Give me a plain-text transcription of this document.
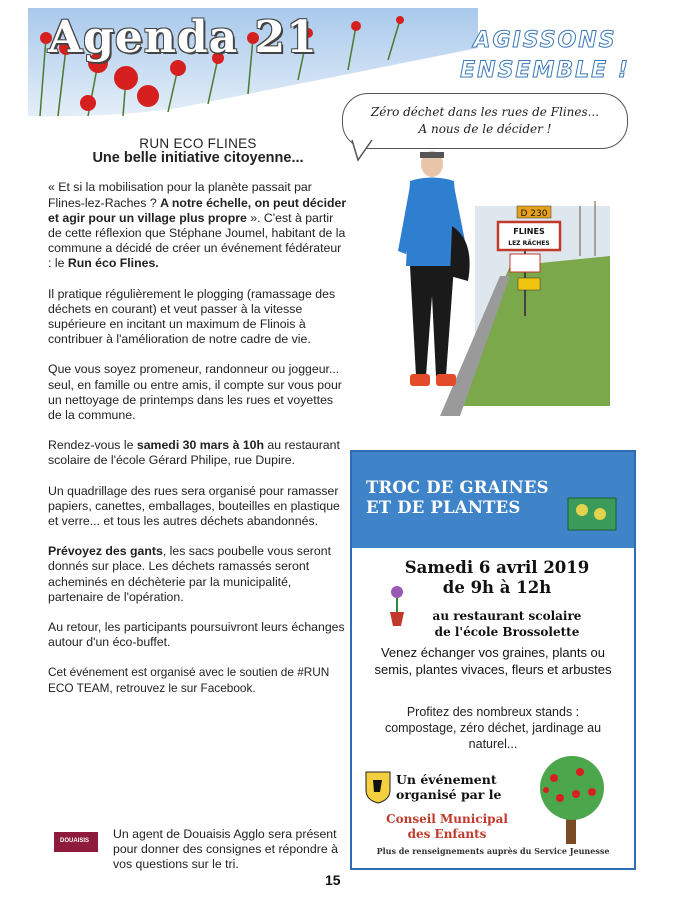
Agenda 21	AGISSONS
ENSEMBLE !
Zéro déchet dans les rues de Flines...
A nous de le décider !
RUN ECO FLINES
Une belle initiative citoyenne...

« Et si la mobilisation pour la planète passait par Flines-lez-Raches ? A notre échelle, on peut décider et agir pour un village plus propre ». C'est à partir de cette réflexion que Stéphane Joumel, habitant de la commune a décidé de créer un événement fédérateur : le Run éco Flines.

Il pratique régulièrement le plogging (ramassage des déchets en courant) et veut passer à la vitesse supérieure en incitant un maximum de Flinois à contribuer à l'amélioration de notre cadre de vie.

Que vous soyez promeneur, randonneur ou joggeur... seul, en famille ou entre amis, il compte sur vous pour un nettoyage de printemps dans les rues et voyettes de la commune.

Rendez-vous le samedi 30 mars à 10h au restaurant scolaire de l'école Gérard Philipe, rue Dupire.

Un quadrillage des rues sera organisé pour ramasser papiers, canettes, emballages, bouteilles en plastique et verre... et tous les autres déchets abandonnés.

Prévoyez des gants, les sacs poubelle vous seront donnés sur place. Les déchets ramassés seront acheminés en déchèterie par la municipalité, partenaire de l'opération.

Au retour, les participants poursuivront leurs échanges autour d'un éco-buffet.

Cet événement est organisé avec le soutien de #RUN ECO TEAM, retrouvez le sur Facebook.

D 230
FLINES
LEZ RÂCHES
TROC DE GRAINES
ET DE PLANTES
Samedi 6 avril 2019
de 9h à 12h
au restaurant scolaire
de l'école Brossolette
Venez échanger vos graines, plants ou semis, plantes vivaces, fleurs et arbustes
Profitez des nombreux stands : compostage, zéro déchet, jardinage au naturel...
Un événement
organisé par le
Conseil Municipal
des Enfants
Plus de renseignements auprès du Service Jeunesse
DOUAISIS Un agent de Douaisis Agglo sera présent pour donner des consignes et répondre à vos questions sur le tri.
15
